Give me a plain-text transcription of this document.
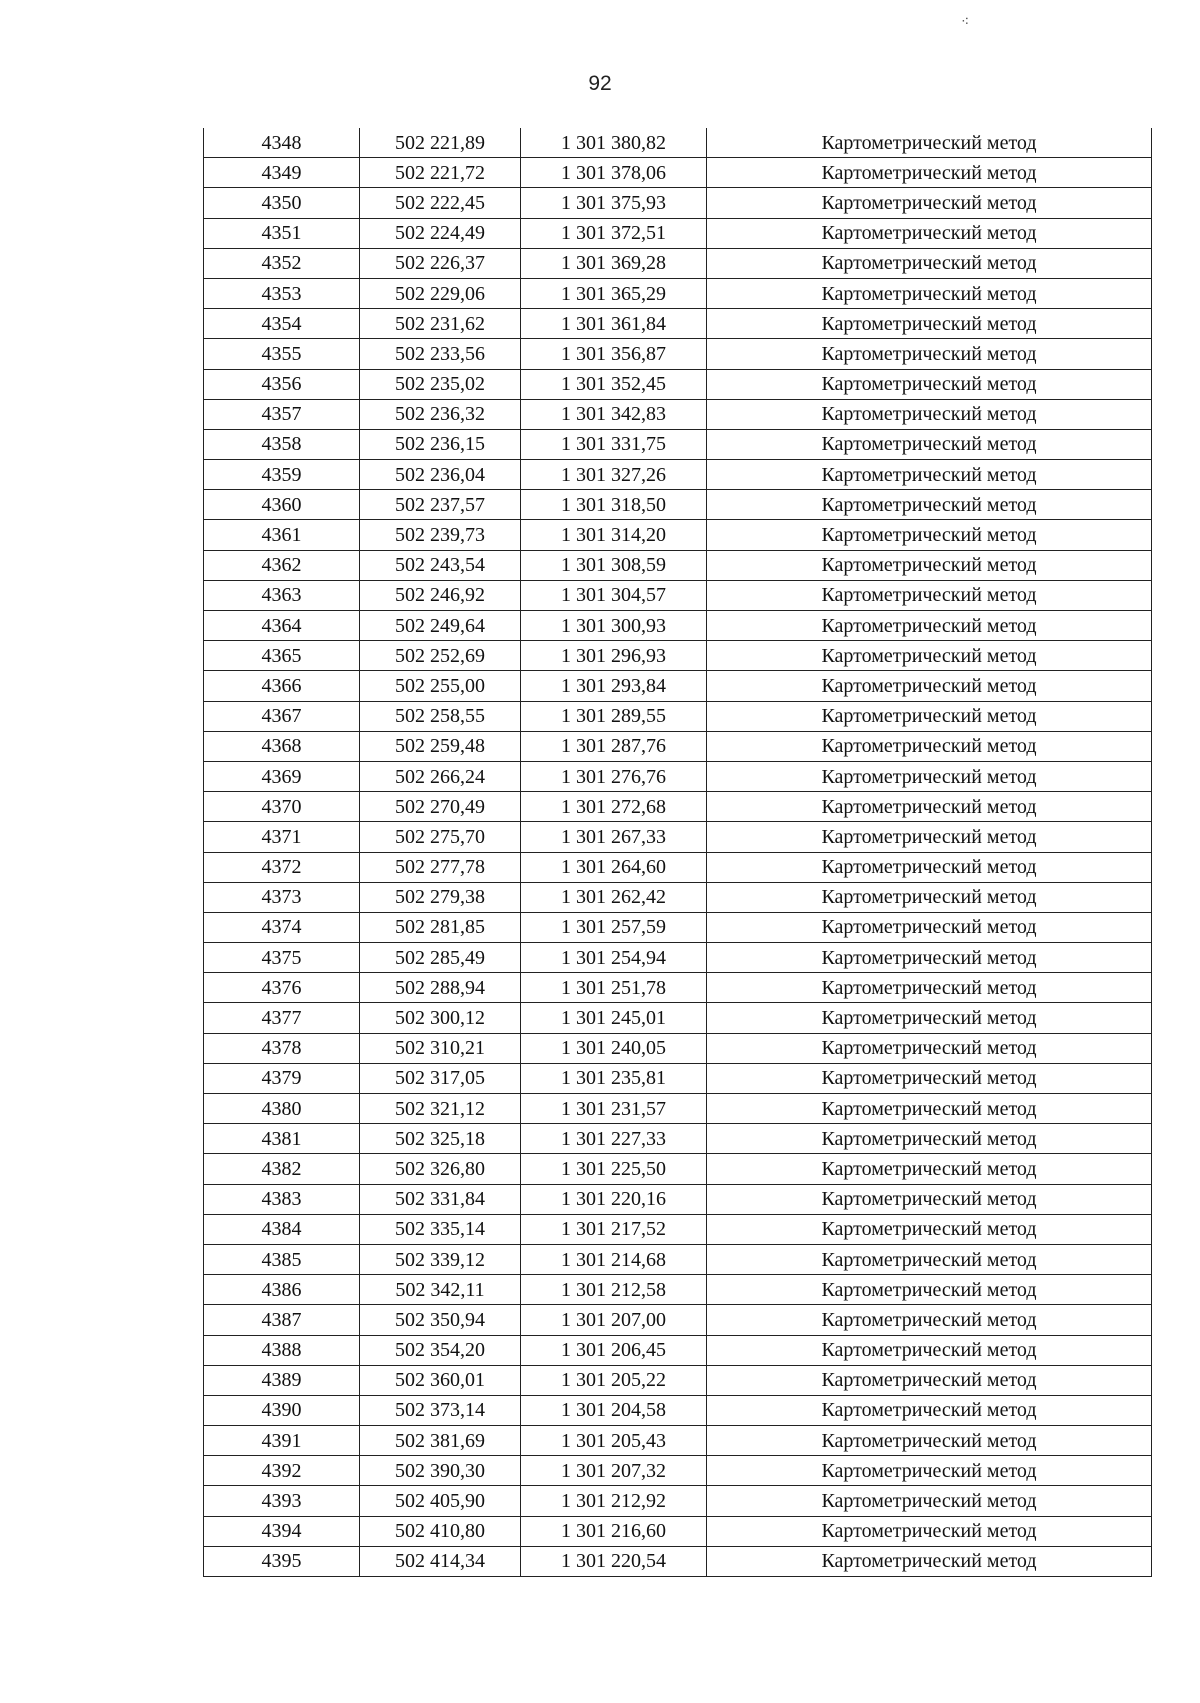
⁖
92
4348	502 221,89	1 301 380,82	Картометрический метод
4349	502 221,72	1 301 378,06	Картометрический метод
4350	502 222,45	1 301 375,93	Картометрический метод
4351	502 224,49	1 301 372,51	Картометрический метод
4352	502 226,37	1 301 369,28	Картометрический метод
4353	502 229,06	1 301 365,29	Картометрический метод
4354	502 231,62	1 301 361,84	Картометрический метод
4355	502 233,56	1 301 356,87	Картометрический метод
4356	502 235,02	1 301 352,45	Картометрический метод
4357	502 236,32	1 301 342,83	Картометрический метод
4358	502 236,15	1 301 331,75	Картометрический метод
4359	502 236,04	1 301 327,26	Картометрический метод
4360	502 237,57	1 301 318,50	Картометрический метод
4361	502 239,73	1 301 314,20	Картометрический метод
4362	502 243,54	1 301 308,59	Картометрический метод
4363	502 246,92	1 301 304,57	Картометрический метод
4364	502 249,64	1 301 300,93	Картометрический метод
4365	502 252,69	1 301 296,93	Картометрический метод
4366	502 255,00	1 301 293,84	Картометрический метод
4367	502 258,55	1 301 289,55	Картометрический метод
4368	502 259,48	1 301 287,76	Картометрический метод
4369	502 266,24	1 301 276,76	Картометрический метод
4370	502 270,49	1 301 272,68	Картометрический метод
4371	502 275,70	1 301 267,33	Картометрический метод
4372	502 277,78	1 301 264,60	Картометрический метод
4373	502 279,38	1 301 262,42	Картометрический метод
4374	502 281,85	1 301 257,59	Картометрический метод
4375	502 285,49	1 301 254,94	Картометрический метод
4376	502 288,94	1 301 251,78	Картометрический метод
4377	502 300,12	1 301 245,01	Картометрический метод
4378	502 310,21	1 301 240,05	Картометрический метод
4379	502 317,05	1 301 235,81	Картометрический метод
4380	502 321,12	1 301 231,57	Картометрический метод
4381	502 325,18	1 301 227,33	Картометрический метод
4382	502 326,80	1 301 225,50	Картометрический метод
4383	502 331,84	1 301 220,16	Картометрический метод
4384	502 335,14	1 301 217,52	Картометрический метод
4385	502 339,12	1 301 214,68	Картометрический метод
4386	502 342,11	1 301 212,58	Картометрический метод
4387	502 350,94	1 301 207,00	Картометрический метод
4388	502 354,20	1 301 206,45	Картометрический метод
4389	502 360,01	1 301 205,22	Картометрический метод
4390	502 373,14	1 301 204,58	Картометрический метод
4391	502 381,69	1 301 205,43	Картометрический метод
4392	502 390,30	1 301 207,32	Картометрический метод
4393	502 405,90	1 301 212,92	Картометрический метод
4394	502 410,80	1 301 216,60	Картометрический метод
4395	502 414,34	1 301 220,54	Картометрический метод
